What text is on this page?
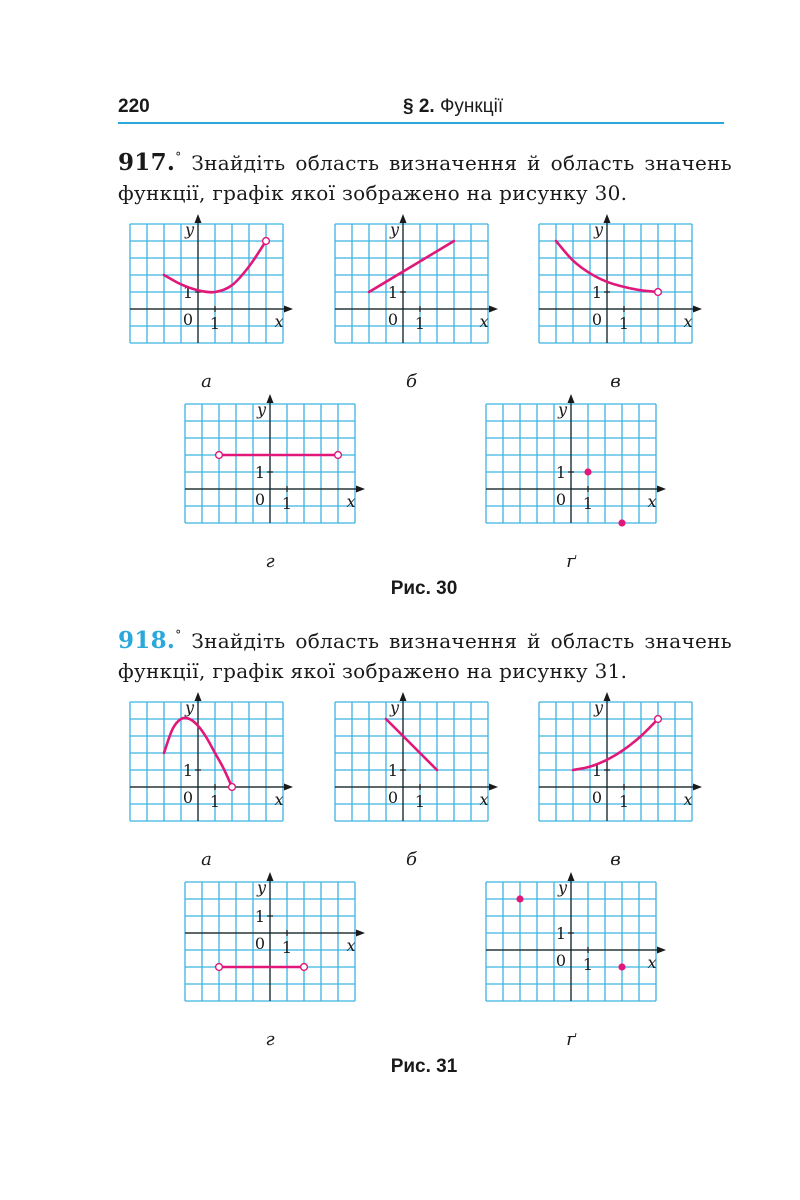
220	§ 2. Функції
917.° Знайдіть область визначення й область значень
функції, графік якої зображено на рисунку 30.
y
x
0 1
1
а
y
x
0 1
1
б
y
x
0 1
1
в
y
x
0 1
1
г
y
x
0 1
1
ґ
Рис. 30
918.° Знайдіть область визначення й область значень
функції, графік якої зображено на рисунку 31.
y
x
0 1
1
а
y
x
0 1
1
б
y
x
0 1
1
в
y
x
0 1
1
г
y
x
0 1
1
ґ
Рис. 31
